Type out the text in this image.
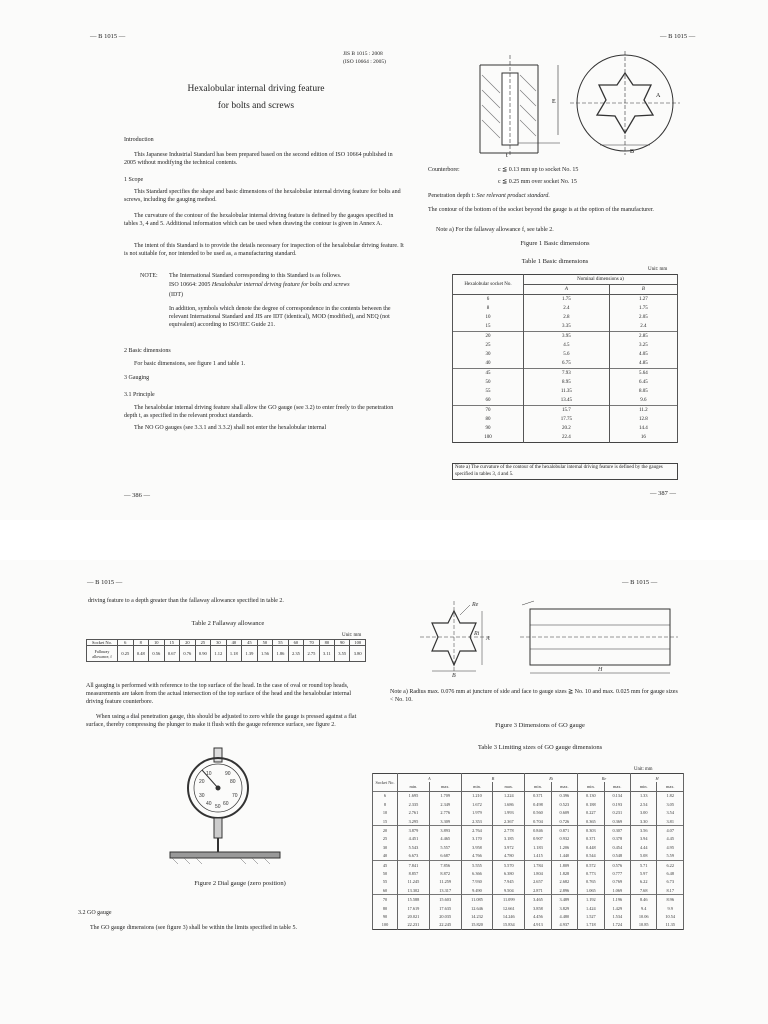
— B 1015 —	— B 1015 —
JIS B 1015 : 2008
(ISO 10664 : 2005)
Hexalobular internal driving feature
for bolts and screws
Introduction
This Japanese Industrial Standard has been prepared based on the second edition of ISO 10664 published in 2005 without modifying the technical contents.
1 Scope
This Standard specifies the shape and basic dimensions of the hexalobular internal driving feature for bolts and screws, including the gauging method.
The curvature of the contour of the hexalobular internal driving feature is defined by the gauges specified in tables 3, 4 and 5. Additional information which can be used when drawing the contour is given in Annex A.
The intent of this Standard is to provide the details necessary for inspection of the hexalobular driving feature. It is not suitable for, nor intended to be used as, a manufacturing standard.
NOTE: The International Standard corresponding to this Standard is as follows.
ISO 10664: 2005 Hexalobular internal driving feature for bolts and screws
(IDT)
In addition, symbols which denote the degree of correspondence in the contents between the relevant International Standard and JIS are IDT (identical), MOD (modified), and NEQ (not equivalent) according to ISO/IEC Guide 21.
2 Basic dimensions
For basic dimensions, see figure 1 and table 1.
3 Gauging
3.1 Principle
The hexalobular internal driving feature shall allow the GO gauge (see 3.2) to enter freely to the penetration depth t, as specified in the relevant product standards.
The NO GO gauges (see 3.3.1 and 3.3.2) shall not enter the hexalobular internal
— 386 —	— 387 —
E
B
A
t
Counterbore:	c ≦ 0.13 mm up to socket No. 15
c ≦ 0.25 mm over socket No. 15
Penetration depth t: See relevant product standard.
The contour of the bottom of the socket beyond the gauge is at the option of the manufacturer.
Note a) For the fallaway allowance f, see table 2.
Figure 1 Basic dimensions
Table 1 Basic dimensions
Unit: mm
Hexalobular socket No.	Nominal dimensions a)	
	A	B
6	1.75	1.27
8	2.4	1.75
10	2.8	2.05
15	3.35	2.4
20	3.95	2.85
25	4.5	3.25
30	5.6	4.05
40	6.75	4.85
45	7.93	5.64
50	8.95	6.45
55	11.35	8.05
60	13.45	9.6
70	15.7	11.2
80	17.75	12.8
90	20.2	14.4
100	22.4	16
Note a) The curvature of the contour of the hexalobular internal driving feature is defined by the gauges specified in tables 3, 4 and 5.
— B 1015 —	— B 1015 —
driving feature to a depth greater than the fallaway allowance specified in table 2.
Table 2 Fallaway allowance
Unit: mm
Socket No.	6	8	10	15	20	25	30	40	45	50	55	60	70	80	90	100
Fallaway allowance, f	0.25	0.48	0.56	0.67	0.76	0.90	1.12	1.18	1.39	1.56	1.86	2.35	2.75	3.11	3.55	3.80
All gauging is performed with reference to the top surface of the head. In the case of oval or round top heads, measurements are taken from the actual intersection of the top surface of the head and the hexalobular internal driving feature counterbore.
When using a dial penetration gauge, this should be adjusted to zero while the gauge is pressed against a flat surface, thereby compressing the plunger to make it flush with the gauge reference surface, see figure 2.
10	90
20	80
30	70
40 50 60
Figure 2 Dial gauge (zero position)
3.2 GO gauge
The GO gauge dimensions (see figure 3) shall be within the limits specified in table 5.
Re
A
B
Ri
H
Note a) Radius max. 0.076 mm at juncture of side and face to gauge sizes ≧ No. 10 and max. 0.025 mm for gauge sizes < No. 10.
Figure 3 Dimensions of GO gauge
Table 3 Limiting sizes of GO gauge dimensions
Unit: mm
Socket No.	A		B		Ri		Re		H	
	min.	max.	min.	max.	min.	max.	min.	max.	min.	max.
6	1.695	1.709	1.210	1.224	0.371	0.396	0.130	0.134	1.33	1.82
8	2.335	2.349	1.672	1.686	0.498	0.523	0.188	0.193	2.54	3.05
10	2.761	2.776	1.979	1.993	0.560	0.609	0.227	0.231	3.00	3.54
15	3.295	3.309	2.353	2.367	0.704	0.726	0.365	0.369	3.30	3.81
20	3.879	3.893	2.764	2.778	0.846	0.871	0.303	0.307	3.56	4.07
25	4.451	4.465	3.170	3.185	0.907	0.932	0.371	0.378	3.94	4.45
30	5.543	5.557	3.958	3.972	1.183	1.206	0.448	0.454	4.44	4.95
40	6.673	6.687	4.766	4.780	1.415	1.440	0.544	0.548	5.08	5.59
45	7.841	7.856	5.555	5.570	1.784	1.809	0.572	0.576	5.71	6.22
50	8.857	8.872	6.366	6.380	1.804	1.828	0.773	0.777	5.97	6.48
55	11.245	11.259	7.930	7.945	2.657	2.682	0.765	0.769	6.22	6.73
60	13.302	13.317	9.490	9.504	2.871	2.896	1.065	1.069	7.68	8.17
70	15.588	15.603	11.085	11.099	3.465	3.489	1.192	1.196	8.46	8.96
80	17.619	17.635	12.646	12.661	3.858	3.829	1.424	1.429	9.4	9.9
90	20.021	20.035	14.232	14.246	4.456	4.480	1.527	1.534	10.06	10.54
100	22.231	22.245	15.820	15.834	4.913	4.937	1.718	1.724	10.85	11.35
